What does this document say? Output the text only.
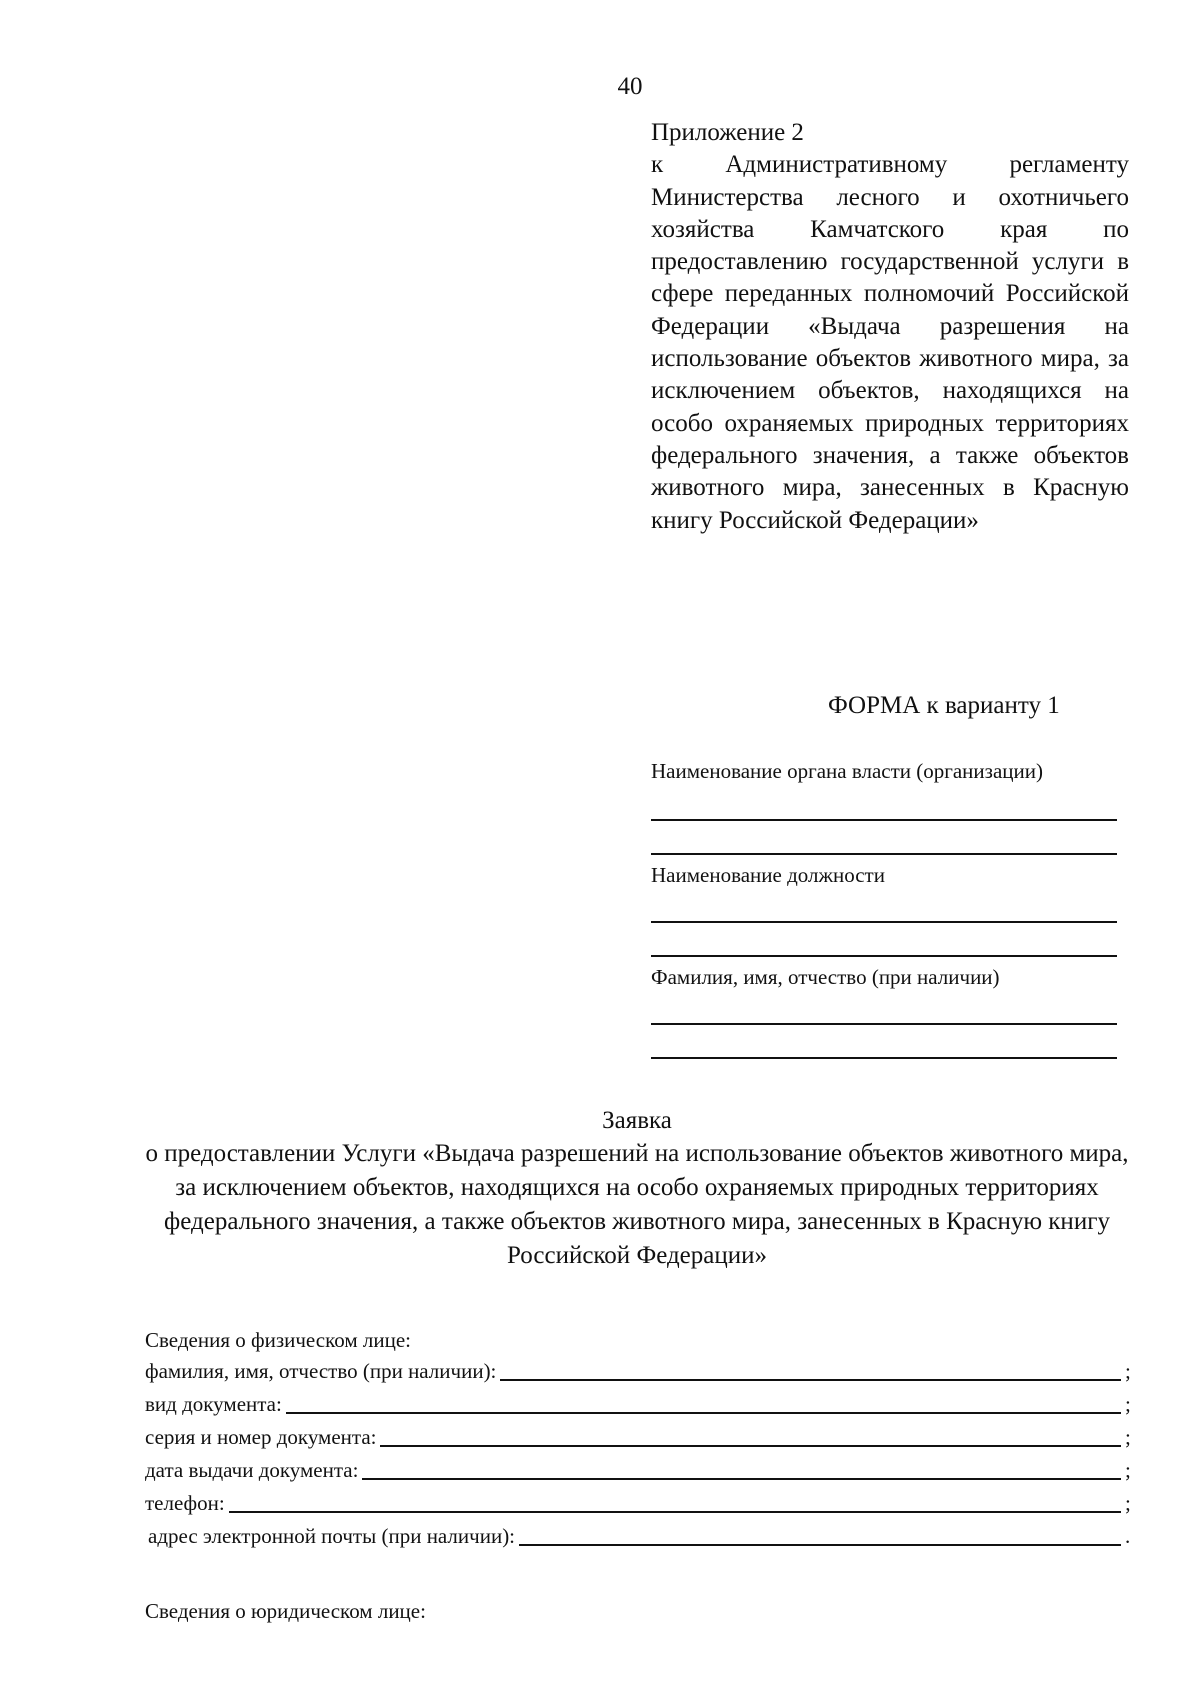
40
Приложение 2
к Административному регламенту Министерства лесного и охотничьего хозяйства Камчатского края по предоставлению государственной услуги в сфере переданных полномочий Российской Федерации «Выдача разрешения на использование объектов животного мира, за исключением объектов, находящихся на особо охраняемых природных территориях федерального значения, а также объектов животного мира, занесенных в Красную книгу Российской Федерации»
ФОРМА к варианту 1
Наименование органа власти (организации)
Наименование должности
Фамилия, имя, отчество (при наличии)
Заявка
о предоставлении Услуги «Выдача разрешений на использование объектов животного мира, за исключением объектов, находящихся на особо охраняемых природных территориях федерального значения, а также объектов животного мира, занесенных в Красную книгу Российской Федерации»
Сведения о физическом лице:
фамилия, имя, отчество (при наличии):	;
вид документа:	;
серия и номер документа:	;
дата выдачи документа:	;
телефон:	;
адрес электронной почты (при наличии):	.
Сведения о юридическом лице:
